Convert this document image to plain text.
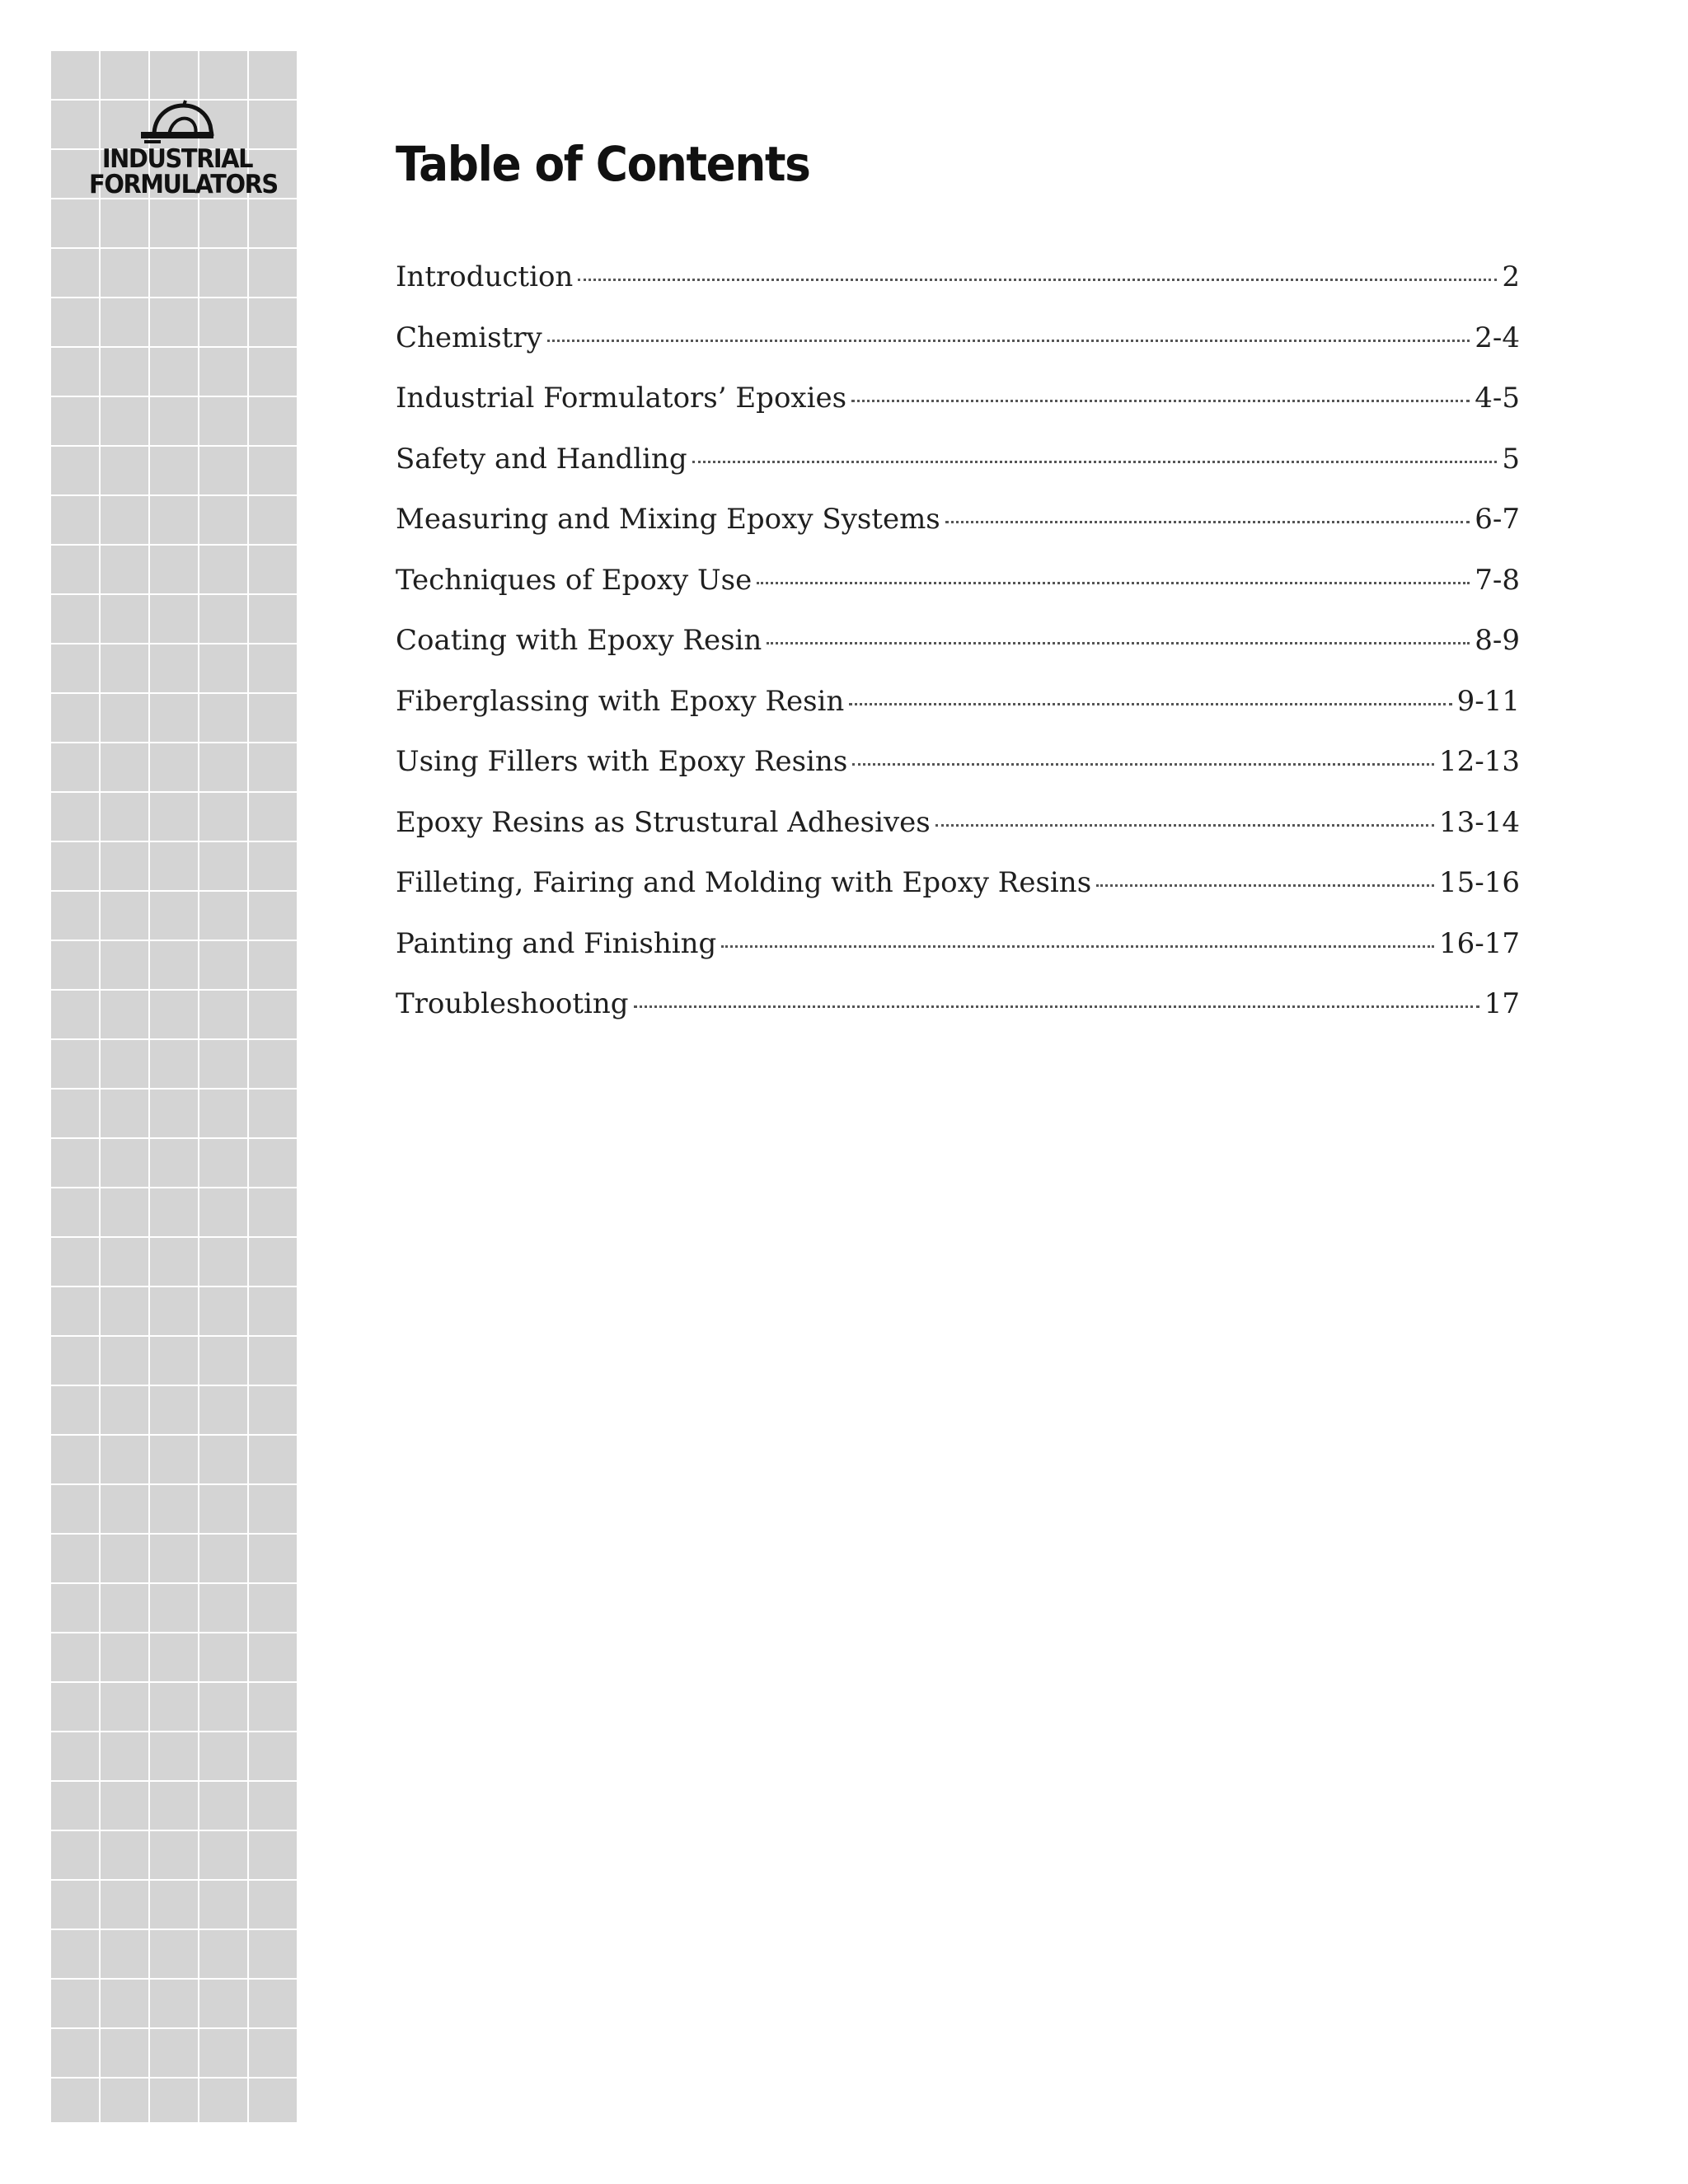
INDUSTRIAL
FORMULATORS Table of Contents
Introduction	2
Chemistry	2-4
Industrial Formulators’ Epoxies	4-5
Safety and Handling	5
Measuring and Mixing Epoxy Systems	6-7
Techniques of Epoxy Use	7-8
Coating with Epoxy Resin	8-9
Fiberglassing with Epoxy Resin	9-11
Using Fillers with Epoxy Resins	12-13
Epoxy Resins as Strustural Adhesives	13-14
Filleting, Fairing and Molding with Epoxy Resins	15-16
Painting and Finishing	16-17
Troubleshooting	17
